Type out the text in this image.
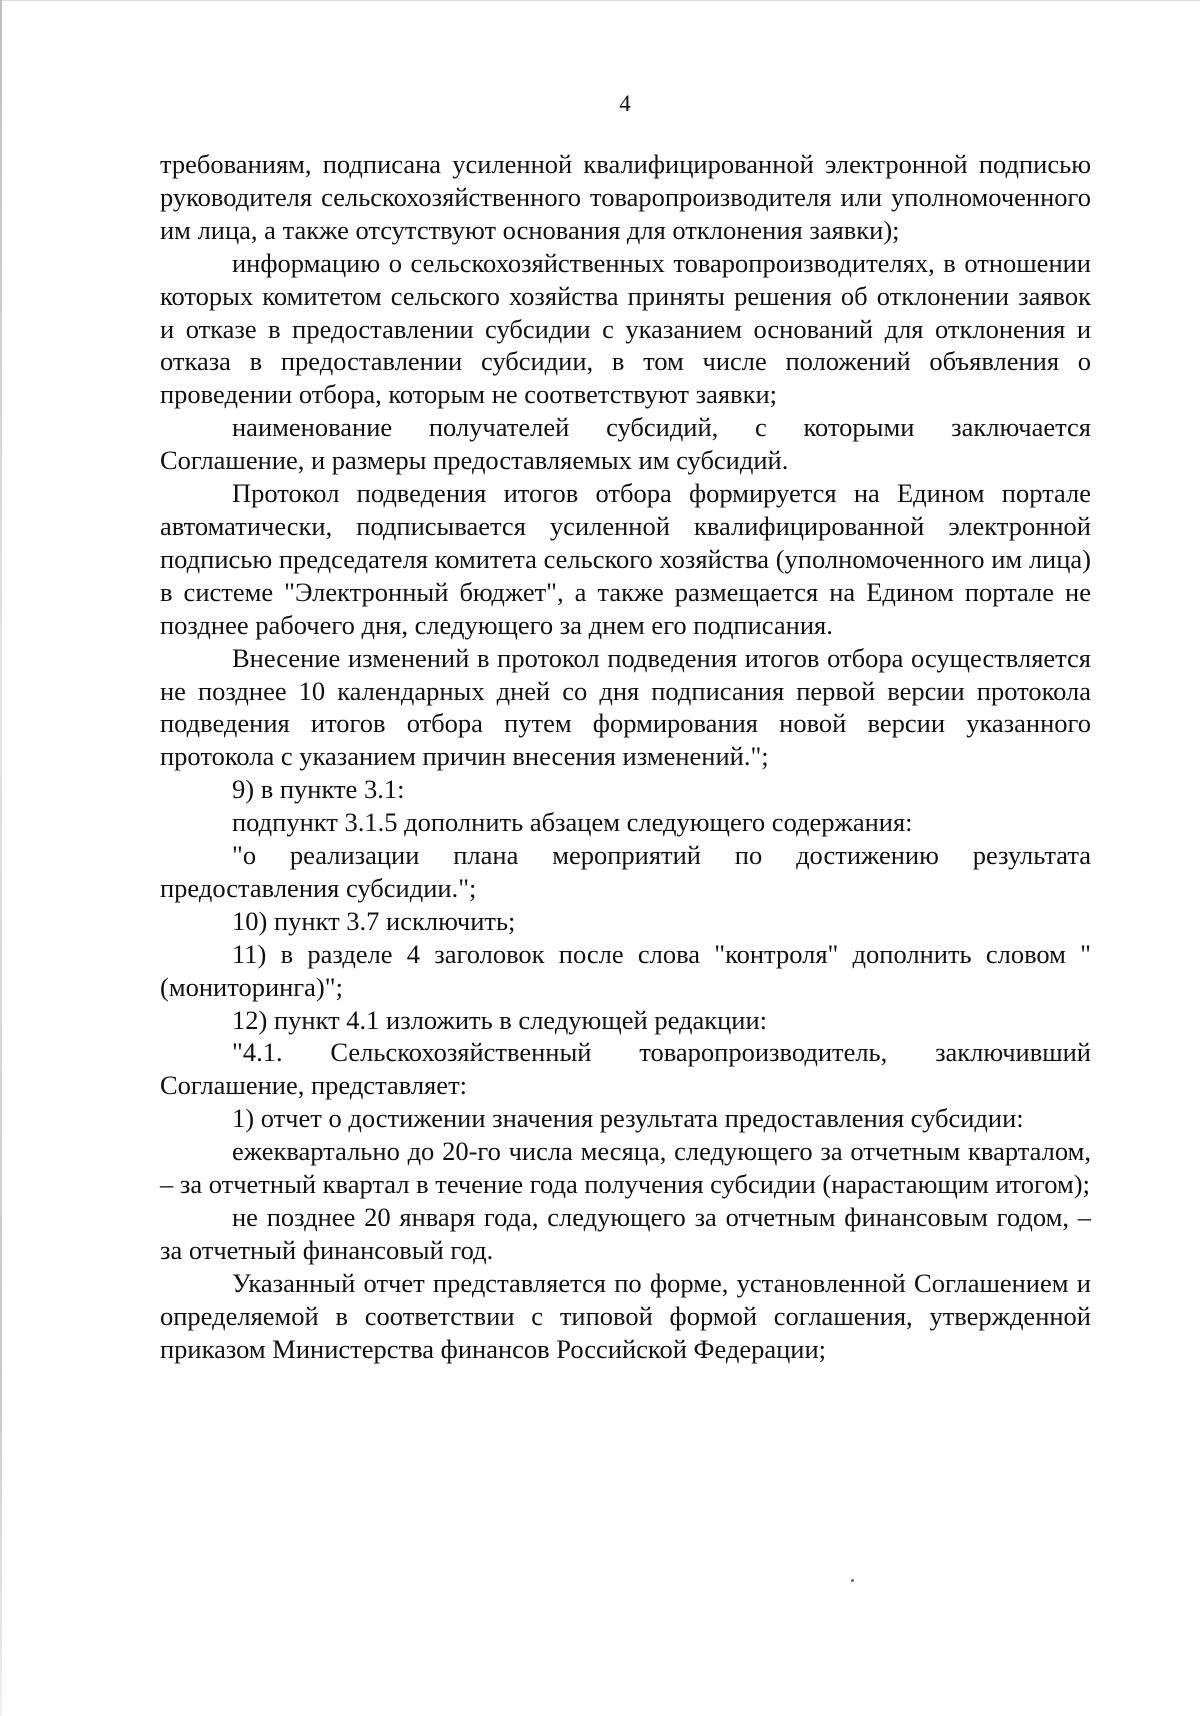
4

требованиям, подписана усиленной квалифицированной электронной подписью руководителя сельскохозяйственного товаропроизводителя или уполномоченного им лица, а также отсутствуют основания для отклонения заявки);

информацию о сельскохозяйственных товаропроизводителях, в отношении которых комитетом сельского хозяйства приняты решения об отклонении заявок и отказе в предоставлении субсидии с указанием оснований для отклонения и отказа в предоставлении субсидии, в том числе положений объявления о проведении отбора, которым не соответствуют заявки;

наименование получателей субсидий, с которыми заключается Соглашение, и размеры предоставляемых им субсидий.

Протокол подведения итогов отбора формируется на Едином портале автоматически, подписывается усиленной квалифицированной электронной подписью председателя комитета сельского хозяйства (уполномоченного им лица) в системе "Электронный бюджет", а также размещается на Едином портале не позднее рабочего дня, следующего за днем его подписания.

Внесение изменений в протокол подведения итогов отбора осуществляется не позднее 10 календарных дней со дня подписания первой версии протокола подведения итогов отбора путем формирования новой версии указанного протокола с указанием причин внесения изменений.";

9) в пункте 3.1:

подпункт 3.1.5 дополнить абзацем следующего содержания:

"о реализации плана мероприятий по достижению результата предоставления субсидии.";

10) пункт 3.7 исключить;

11) в разделе 4 заголовок после слова "контроля" дополнить словом "(мониторинга)";

12) пункт 4.1 изложить в следующей редакции:

"4.1. Сельскохозяйственный товаропроизводитель, заключивший Соглашение, представляет:

1) отчет о достижении значения результата предоставления субсидии:

ежеквартально до 20-го числа месяца, следующего за отчетным кварталом, – за отчетный квартал в течение года получения субсидии (нарастающим итогом);

не позднее 20 января года, следующего за отчетным финансовым годом, – за отчетный финансовый год.

Указанный отчет представляется по форме, установленной Соглашением и определяемой в соответствии с типовой формой соглашения, утвержденной приказом Министерства финансов Российской Федерации;
